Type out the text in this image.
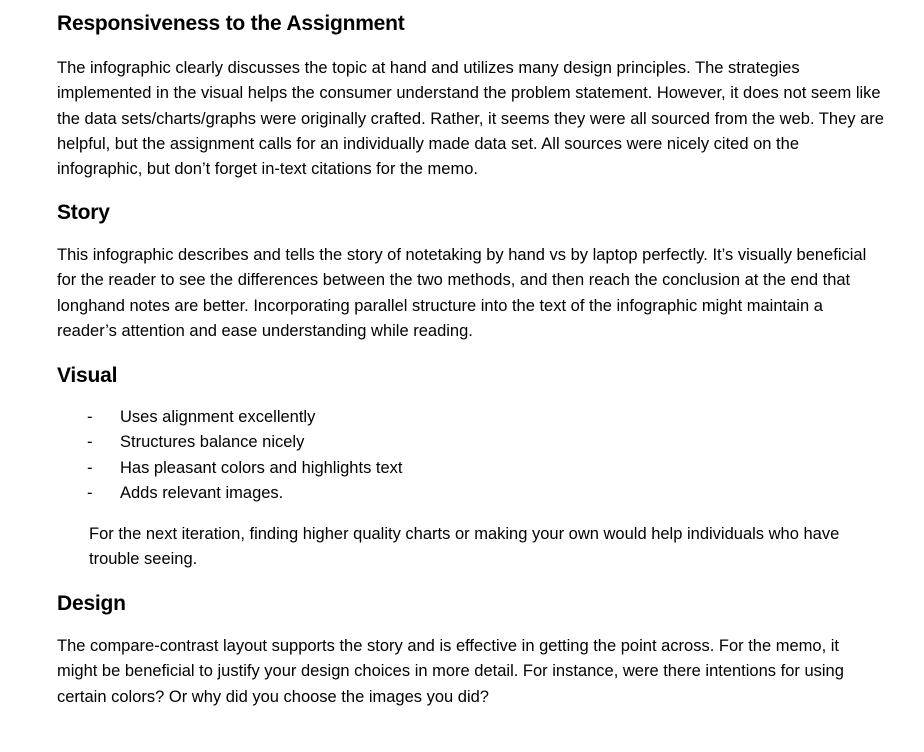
Responsiveness to the Assignment

The infographic clearly discusses the topic at hand and utilizes many design principles. The strategies implemented in the visual helps the consumer understand the problem statement. However, it does not seem like the data sets/charts/graphs were originally crafted. Rather, it seems they were all sourced from the web. They are helpful, but the assignment calls for an individually made data set. All sources were nicely cited on the infographic, but don’t forget in-text citations for the memo.

Story

This infographic describes and tells the story of notetaking by hand vs by laptop perfectly. It’s visually beneficial for the reader to see the differences between the two methods, and then reach the conclusion at the end that longhand notes are better. Incorporating parallel structure into the text of the infographic might maintain a reader’s attention and ease understanding while reading.

Visual
- Uses alignment excellently
- Structures balance nicely
- Has pleasant colors and highlights text
- Adds relevant images.

For the next iteration, finding higher quality charts or making your own would help individuals who have trouble seeing.

Design

The compare-contrast layout supports the story and is effective in getting the point across. For the memo, it might be beneficial to justify your design choices in more detail. For instance, were there intentions for using certain colors? Or why did you choose the images you did?
